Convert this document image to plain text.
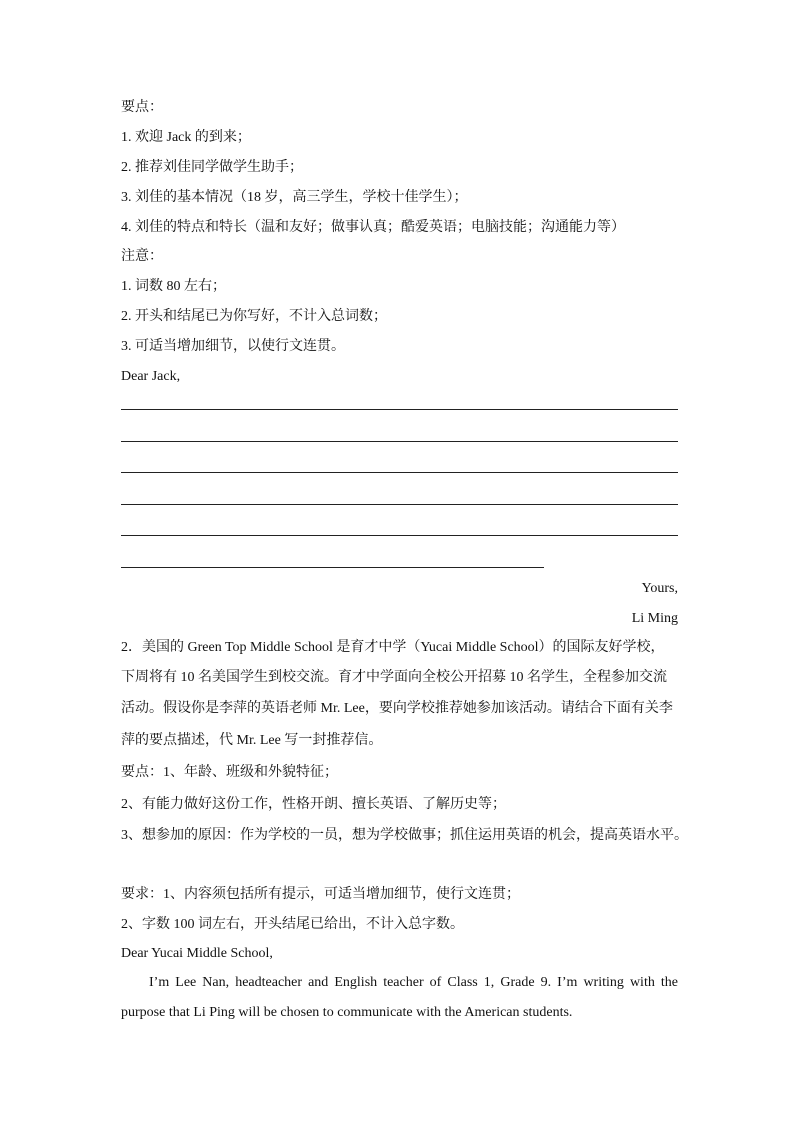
要点：
1. 欢迎 Jack 的到来；
2. 推荐刘佳同学做学生助手；
3. 刘佳的基本情况（18 岁，高三学生，学校十佳学生）；
4. 刘佳的特点和特长（温和友好；做事认真；酷爱英语；电脑技能；沟通能力等）
注意：
1. 词数 80 左右；
2. 开头和结尾已为你写好，不计入总词数；
3. 可适当增加细节，以使行文连贯。
Dear Jack,
Yours,
Li Ming
2．美国的 Green Top Middle School 是育才中学（Yucai Middle School）的国际友好学校，
下周将有 10 名美国学生到校交流。育才中学面向全校公开招募 10 名学生，全程参加交流
活动。假设你是李萍的英语老师 Mr. Lee，要向学校推荐她参加该活动。请结合下面有关李
萍的要点描述，代 Mr. Lee 写一封推荐信。
要点：1、年龄、班级和外貌特征；
2、有能力做好这份工作，性格开朗、擅长英语、了解历史等；
3、想参加的原因：作为学校的一员，想为学校做事；抓住运用英语的机会，提高英语水平。
要求：1、内容须包括所有提示，可适当增加细节，使行文连贯；
2、字数 100 词左右，开头结尾已给出，不计入总字数。
Dear Yucai Middle School,
I’m Lee Nan, headteacher and English teacher of Class 1, Grade 9. I’m writing with the
purpose that Li Ping will be chosen to communicate with the American students.
